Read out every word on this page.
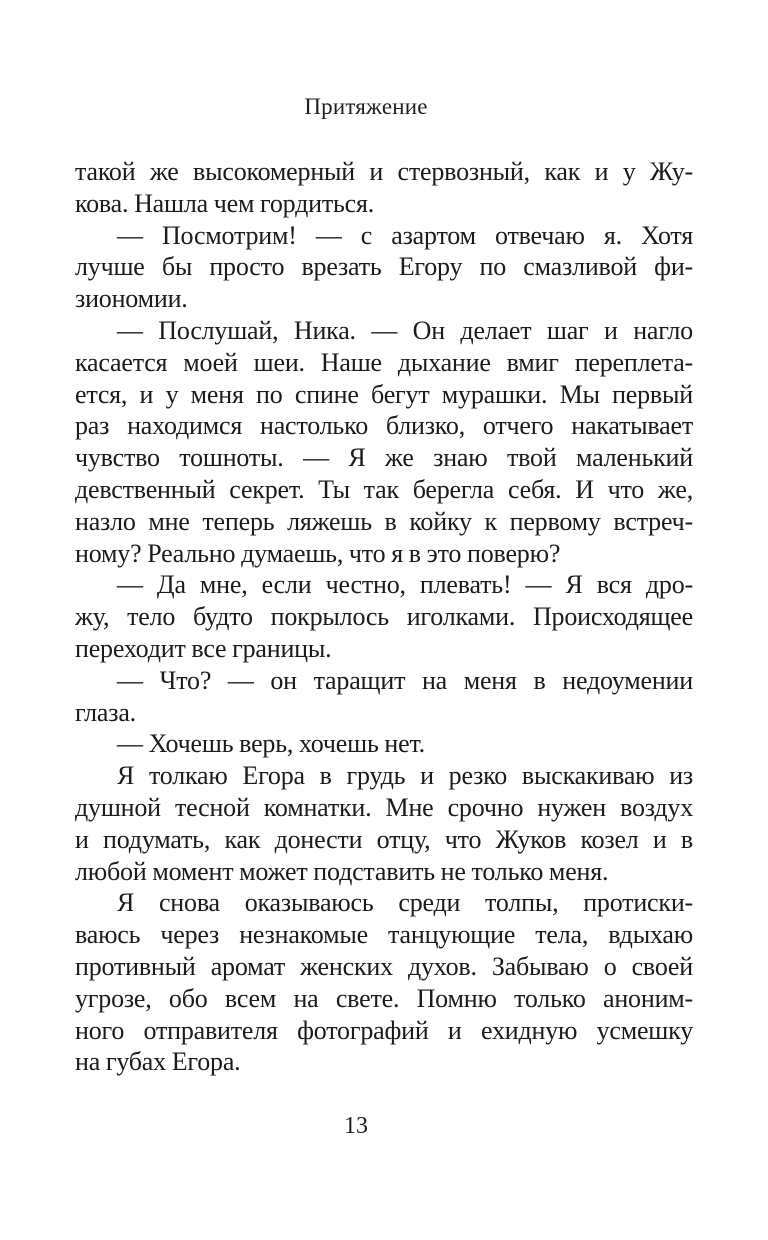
Притяжение
такой же высокомерный и стервозный, как и у Жу-
кова. Нашла чем гордиться.
— Посмотрим! — с азартом отвечаю я. Хотя
лучше бы просто врезать Егору по смазливой фи-
зиономии.
— Послушай, Ника. — Он делает шаг и нагло
касается моей шеи. Наше дыхание вмиг переплета-
ется, и у меня по спине бегут мурашки. Мы первый
раз находимся настолько близко, отчего накатывает
чувство тошноты. — Я же знаю твой маленький
девственный секрет. Ты так берегла себя. И что же,
назло мне теперь ляжешь в койку к первому встреч-
ному? Реально думаешь, что я в это поверю?
— Да мне, если честно, плевать! — Я вся дро-
жу, тело будто покрылось иголками. Происходящее
переходит все границы.
— Что? — он таращит на меня в недоумении
глаза.
— Хочешь верь, хочешь нет.
Я толкаю Егора в грудь и резко выскакиваю из
душной тесной комнатки. Мне срочно нужен воздух
и подумать, как донести отцу, что Жуков козел и в
любой момент может подставить не только меня.
Я снова оказываюсь среди толпы, протиски-
ваюсь через незнакомые танцующие тела, вдыхаю
противный аромат женских духов. Забываю о своей
угрозе, обо всем на свете. Помню только аноним-
ного отправителя фотографий и ехидную усмешку
на губах Егора.
13
